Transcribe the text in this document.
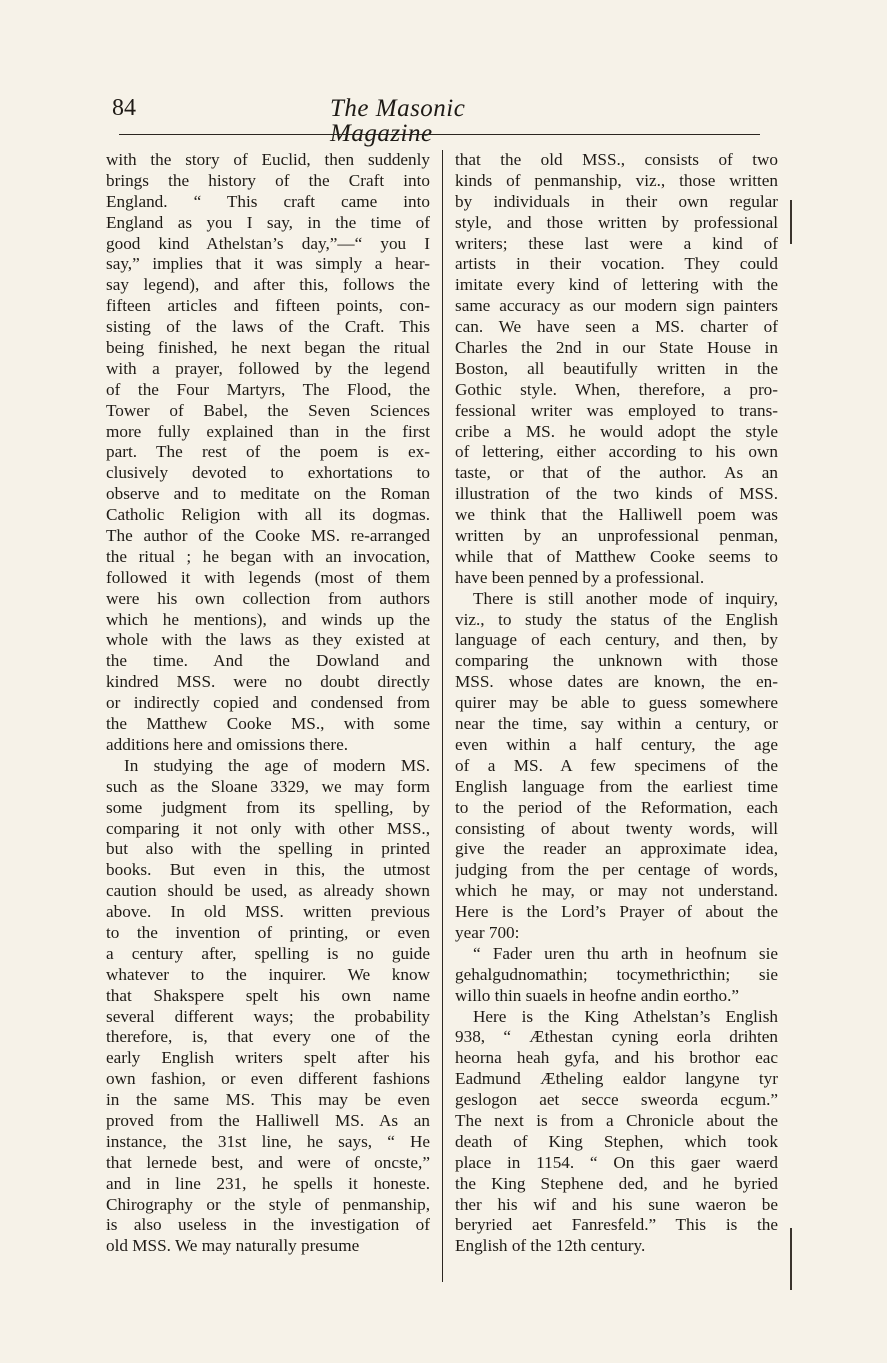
84	The Masonic Magazine
with the story of Euclid, then suddenly
brings the history of the Craft into
England. “ This craft came into
England as you I say, in the time of
good kind Athelstan’s day,”—“ you I
say,” implies that it was simply a hear-
say legend), and after this, follows the
fifteen articles and fifteen points, con-
sisting of the laws of the Craft. This
being finished, he next began the ritual
with a prayer, followed by the legend
of the Four Martyrs, The Flood, the
Tower of Babel, the Seven Sciences
more fully explained than in the first
part. The rest of the poem is ex-
clusively devoted to exhortations to
observe and to meditate on the Roman
Catholic Religion with all its dogmas.
The author of the Cooke MS. re-arranged
the ritual ; he began with an invocation,
followed it with legends (most of them
were his own collection from authors
which he mentions), and winds up the
whole with the laws as they existed at
the time. And the Dowland and
kindred MSS. were no doubt directly
or indirectly copied and condensed from
the Matthew Cooke MS., with some
additions here and omissions there.
In studying the age of modern MS.
such as the Sloane 3329, we may form
some judgment from its spelling, by
comparing it not only with other MSS.,
but also with the spelling in printed
books. But even in this, the utmost
caution should be used, as already shown
above. In old MSS. written previous
to the invention of printing, or even
a century after, spelling is no guide
whatever to the inquirer. We know
that Shakspere spelt his own name
several different ways; the probability
therefore, is, that every one of the
early English writers spelt after his
own fashion, or even different fashions
in the same MS. This may be even
proved from the Halliwell MS. As an
instance, the 31st line, he says, “ He
that lernede best, and were of oncste,”
and in line 231, he spells it honeste.
Chirography or the style of penmanship,
is also useless in the investigation of
old MSS. We may naturally presume
that the old MSS., consists of two
kinds of penmanship, viz., those written
by individuals in their own regular
style, and those written by professional
writers; these last were a kind of
artists in their vocation. They could
imitate every kind of lettering with the
same accuracy as our modern sign painters
can. We have seen a MS. charter of
Charles the 2nd in our State House in
Boston, all beautifully written in the
Gothic style. When, therefore, a pro-
fessional writer was employed to trans-
cribe a MS. he would adopt the style
of lettering, either according to his own
taste, or that of the author. As an
illustration of the two kinds of MSS.
we think that the Halliwell poem was
written by an unprofessional penman,
while that of Matthew Cooke seems to
have been penned by a professional.
There is still another mode of inquiry,
viz., to study the status of the English
language of each century, and then, by
comparing the unknown with those
MSS. whose dates are known, the en-
quirer may be able to guess somewhere
near the time, say within a century, or
even within a half century, the age
of a MS. A few specimens of the
English language from the earliest time
to the period of the Reformation, each
consisting of about twenty words, will
give the reader an approximate idea,
judging from the per centage of words,
which he may, or may not understand.
Here is the Lord’s Prayer of about the
year 700:
“ Fader uren thu arth in heofnum sie
gehalgudnomathin; tocymethricthin; sie
willo thin suaels in heofne andin eortho.”
Here is the King Athelstan’s English
938, “ Æthestan cyning eorla drihten
heorna heah gyfa, and his brothor eac
Eadmund Ætheling ealdor langyne tyr
geslogon aet secce sweorda ecgum.”
The next is from a Chronicle about the
death of King Stephen, which took
place in 1154. “ On this gaer waerd
the King Stephene ded, and he byried
ther his wif and his sune waeron be
beryried aet Fanresfeld.” This is the
English of the 12th century.
